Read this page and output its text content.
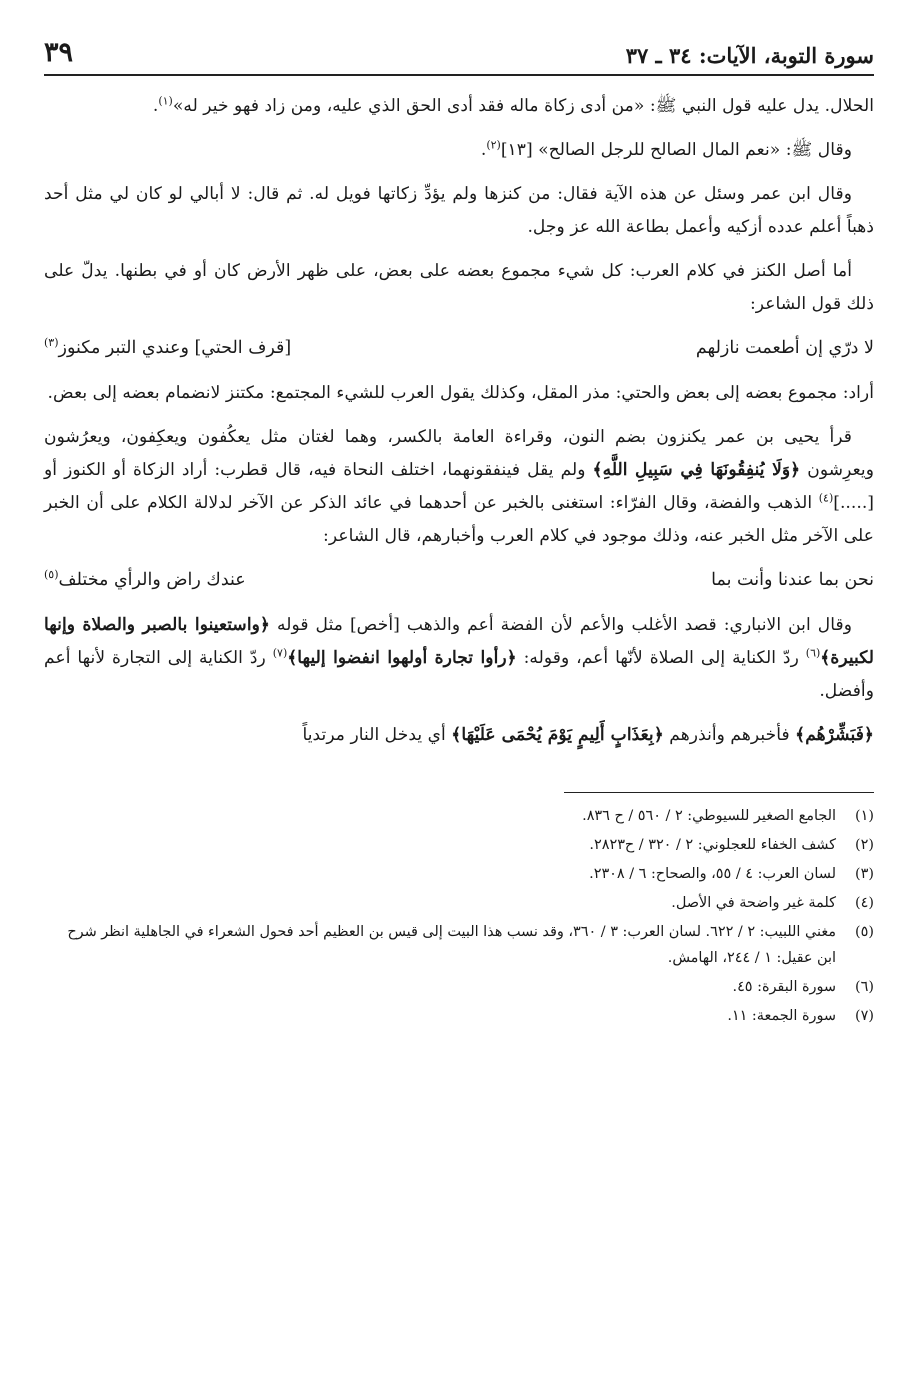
سورة التوبة، الآيات: ٣٤ ـ ٣٧
٣٩

الحلال. يدل عليه قول النبي ﷺ: «من أدى زكاة ماله فقد أدى الحق الذي عليه، ومن زاد فهو خير له»$^{(١)}$.

وقال ﷺ: «نعم المال الصالح للرجل الصالح» [١٣]$^{(٢)}$.

وقال ابن عمر وسئل عن هذه الآية فقال: من كنزها ولم يؤدِّ زكاتها فويل له. ثم قال: لا أبالي لو كان لي مثل أحد ذهباً أعلم عدده أزكيه وأعمل بطاعة الله عز وجل.

أما أصل الكنز في كلام العرب: كل شيء مجموع بعضه على بعض، على ظهر الأرض كان أو في بطنها. يدلّ على ذلك قول الشاعر:

لا درّي إن أطعمت نازلهم
[قرف الحتي] وعندي التبر مكنوز$^{(٣)}$

أراد: مجموع بعضه إلى بعض والحتي: مذر المقل، وكذلك يقول العرب للشيء المجتمع: مكتنز لانضمام بعضه إلى بعض.

قرأ يحيى بن عمر يكنزون بضم النون، وقراءة العامة بالكسر، وهما لغتان مثل يعكُفون ويعكِفون، ويعرُشون ويعرِشون ﴿وَلَا يُنفِقُونَهَا فِي سَبِيلِ اللَّهِ﴾ ولم يقل فينفقونهما، اختلف النحاة فيه، قال قطرب: أراد الزكاة أو الكنوز أو [.....]$^{(٤)}$ الذهب والفضة، وقال الفرّاء: استغنى بالخبر عن أحدهما في عائد الذكر عن الآخر لدلالة الكلام على أن الخبر على الآخر مثل الخبر عنه، وذلك موجود في كلام العرب وأخبارهم، قال الشاعر:

نحن بما عندنا وأنت بما
عندك راض والرأي مختلف$^{(٥)}$

وقال ابن الانباري: قصد الأغلب والأعم لأن الفضة أعم والذهب [أخص] مثل قوله ﴿واستعينوا بالصبر والصلاة وإنها لكبيرة﴾$^{(٦)}$ ردّ الكناية إلى الصلاة لأنّها أعم، وقوله: ﴿رأوا تجارة أولهوا انفضوا إليها﴾$^{(٧)}$ ردّ الكناية إلى التجارة لأنها أعم وأفضل.

﴿فَبَشِّرْهُم﴾ فأخبرهم وأنذرهم ﴿بِعَذَابٍ أَلِيمٍ يَوْمَ يُحْمَى عَلَيْهَا﴾ أي يدخل النار مرتدياً

(١)
الجامع الصغير للسيوطي: ٢ / ٥٦٠ / ح ٨٣٦.
(٢)
كشف الخفاء للعجلوني: ٢ / ٣٢٠ / ح٢٨٢٣.
(٣)
لسان العرب: ٤ / ٥٥، والصحاح: ٦ / ٢٣٠٨.
(٤)
كلمة غير واضحة في الأصل.
(٥)
مغني اللبيب: ٢ / ٦٢٢. لسان العرب: ٣ / ٣٦٠، وقد نسب هذا البيت إلى قيس بن العظيم أحد فحول الشعراء في الجاهلية انظر شرح ابن عقيل: ١ / ٢٤٤، الهامش.
(٦)
سورة البقرة: ٤٥.
(٧)
سورة الجمعة: ١١.
